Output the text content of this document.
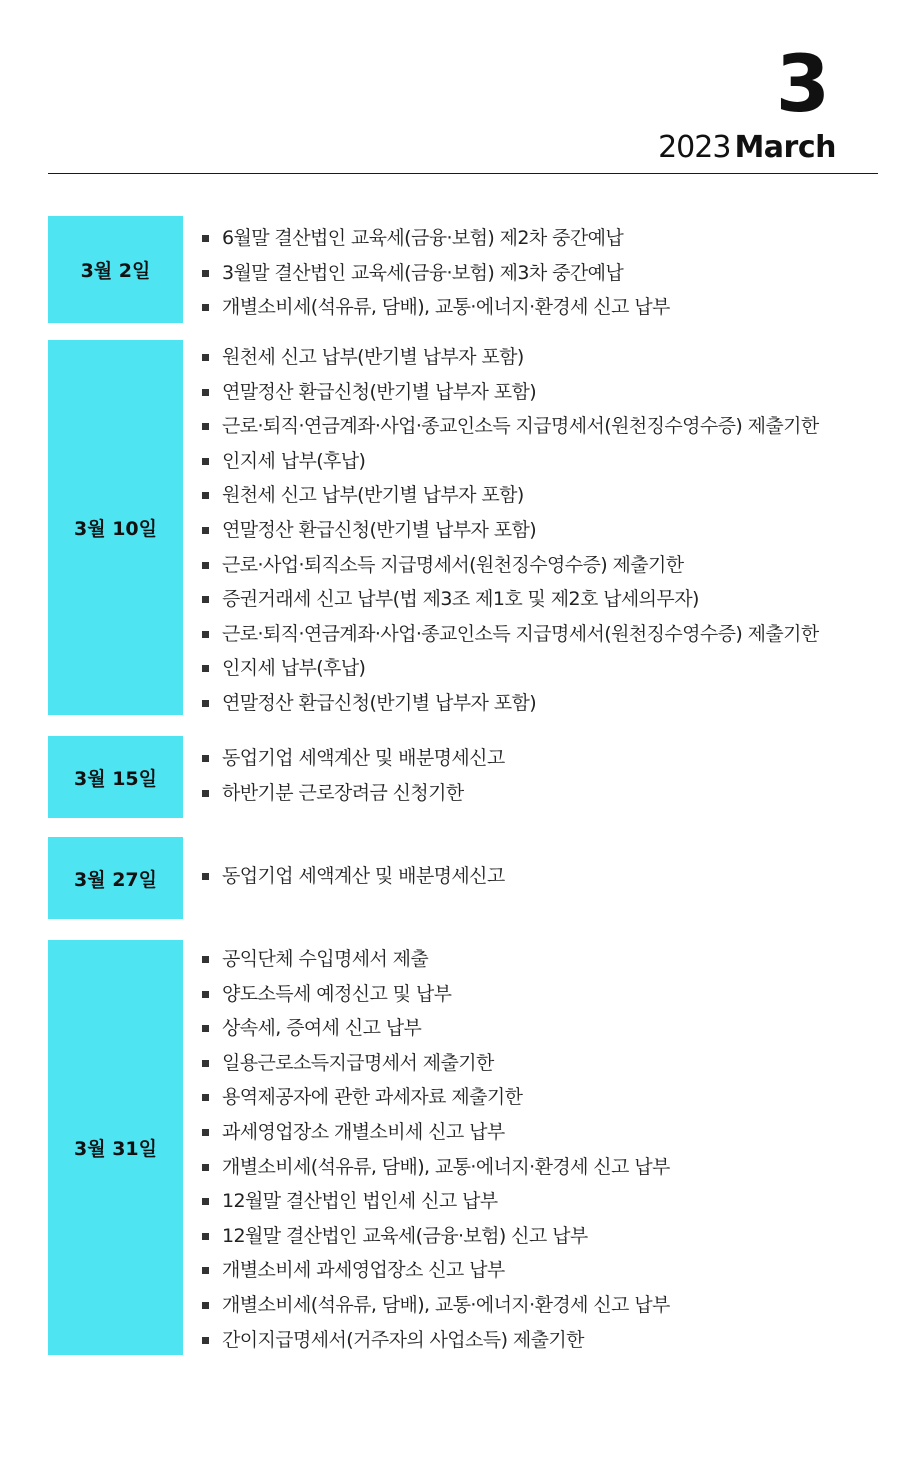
3
2023 March
3월 2일
6월말 결산법인 교육세(금융·보험) 제2차 중간예납
3월말 결산법인 교육세(금융·보험) 제3차 중간예납
개별소비세(석유류, 담배), 교통·에너지·환경세 신고 납부
3월 10일
원천세 신고 납부(반기별 납부자 포함)
연말정산 환급신청(반기별 납부자 포함)
근로·퇴직·연금계좌·사업·종교인소득 지급명세서(원천징수영수증) 제출기한
인지세 납부(후납)
원천세 신고 납부(반기별 납부자 포함)
연말정산 환급신청(반기별 납부자 포함)
근로·사업·퇴직소득 지급명세서(원천징수영수증) 제출기한
증권거래세 신고 납부(법 제3조 제1호 및 제2호 납세의무자)
근로·퇴직·연금계좌·사업·종교인소득 지급명세서(원천징수영수증) 제출기한
인지세 납부(후납)
연말정산 환급신청(반기별 납부자 포함)
3월 15일
동업기업 세액계산 및 배분명세신고
하반기분 근로장려금 신청기한
3월 27일	동업기업 세액계산 및 배분명세신고
3월 31일
공익단체 수입명세서 제출
양도소득세 예정신고 및 납부
상속세, 증여세 신고 납부
일용근로소득지급명세서 제출기한
용역제공자에 관한 과세자료 제출기한
과세영업장소 개별소비세 신고 납부
개별소비세(석유류, 담배), 교통·에너지·환경세 신고 납부
12월말 결산법인 법인세 신고 납부
12월말 결산법인 교육세(금융·보험) 신고 납부
개별소비세 과세영업장소 신고 납부
개별소비세(석유류, 담배), 교통·에너지·환경세 신고 납부
간이지급명세서(거주자의 사업소득) 제출기한
